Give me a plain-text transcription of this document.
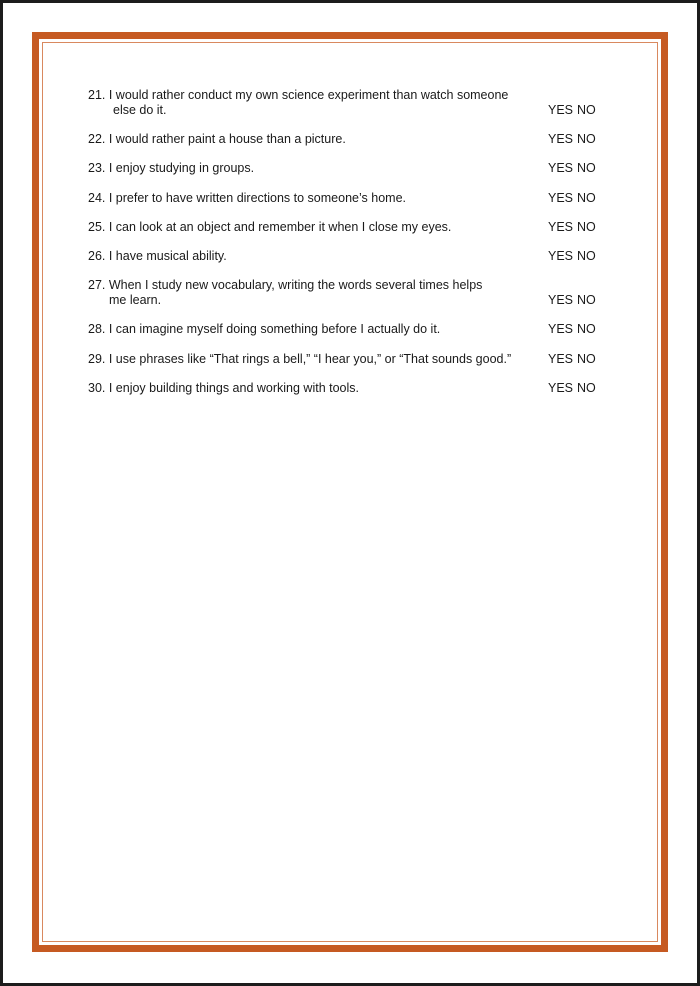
21. I would rather conduct my own science experiment than watch someone
else do it.	YES NO
22. I would rather paint a house than a picture.	YES NO
23. I enjoy studying in groups.	YES NO
24. I prefer to have written directions to someone’s home.	YES NO
25. I can look at an object and remember it when I close my eyes.	YES NO
26. I have musical ability.	YES NO
27. When I study new vocabulary, writing the words several times helps
me learn.	YES NO
28. I can imagine myself doing something before I actually do it.	YES NO
29. I use phrases like “That rings a bell,” “I hear you,” or “That sounds good.”	YES NO
30. I enjoy building things and working with tools.	YES NO
